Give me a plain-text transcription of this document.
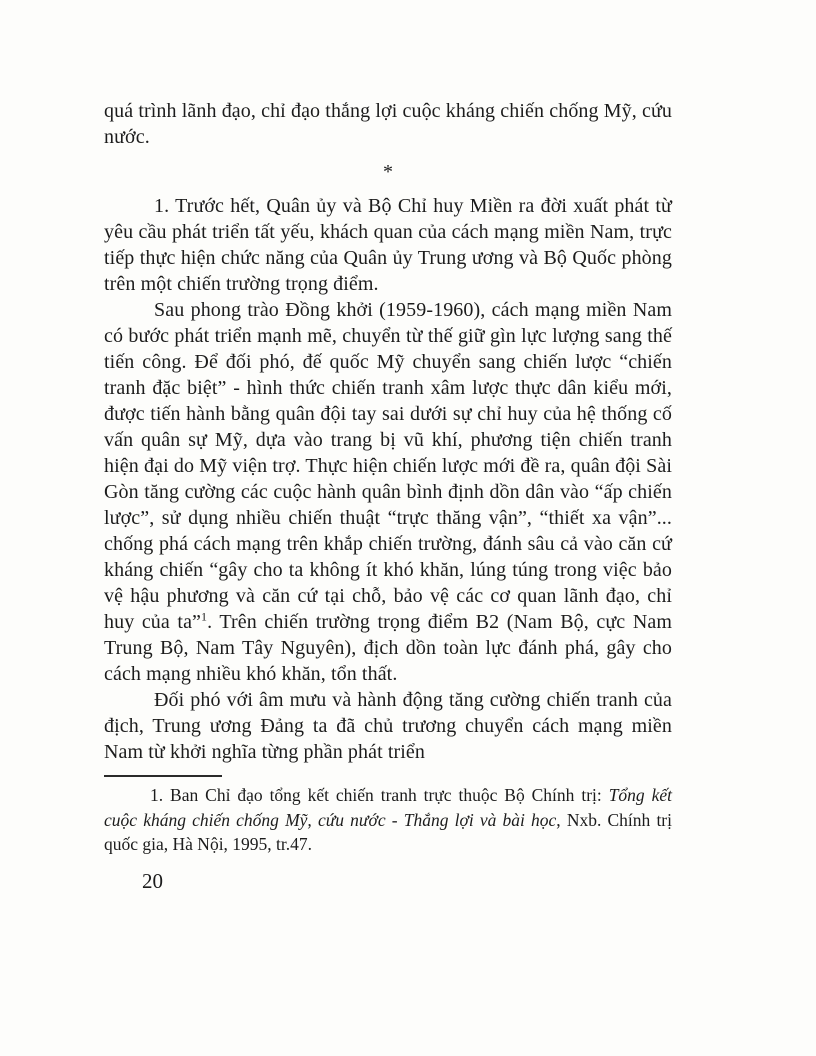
quá trình lãnh đạo, chỉ đạo thắng lợi cuộc kháng chiến chống Mỹ, cứu nước.

*

1. Trước hết, Quân ủy và Bộ Chỉ huy Miền ra đời xuất phát từ yêu cầu phát triển tất yếu, khách quan của cách mạng miền Nam, trực tiếp thực hiện chức năng của Quân ủy Trung ương và Bộ Quốc phòng trên một chiến trường trọng điểm.

Sau phong trào Đồng khởi (1959-1960), cách mạng miền Nam có bước phát triển mạnh mẽ, chuyển từ thế giữ gìn lực lượng sang thế tiến công. Để đối phó, đế quốc Mỹ chuyển sang chiến lược “chiến tranh đặc biệt” - hình thức chiến tranh xâm lược thực dân kiểu mới, được tiến hành bằng quân đội tay sai dưới sự chỉ huy của hệ thống cố vấn quân sự Mỹ, dựa vào trang bị vũ khí, phương tiện chiến tranh hiện đại do Mỹ viện trợ. Thực hiện chiến lược mới đề ra, quân đội Sài Gòn tăng cường các cuộc hành quân bình định dồn dân vào “ấp chiến lược”, sử dụng nhiều chiến thuật “trực thăng vận”, “thiết xa vận”... chống phá cách mạng trên khắp chiến trường, đánh sâu cả vào căn cứ kháng chiến “gây cho ta không ít khó khăn, lúng túng trong việc bảo vệ hậu phương và căn cứ tại chỗ, bảo vệ các cơ quan lãnh đạo, chỉ huy của ta”$^1$. Trên chiến trường trọng điểm B2 (Nam Bộ, cực Nam Trung Bộ, Nam Tây Nguyên), địch dồn toàn lực đánh phá, gây cho cách mạng nhiều khó khăn, tổn thất.

Đối phó với âm mưu và hành động tăng cường chiến tranh của địch, Trung ương Đảng ta đã chủ trương chuyển cách mạng miền Nam từ khởi nghĩa từng phần phát triển

1. Ban Chỉ đạo tổng kết chiến tranh trực thuộc Bộ Chính trị: Tổng kết cuộc kháng chiến chống Mỹ, cứu nước - Thắng lợi và bài học, Nxb. Chính trị quốc gia, Hà Nội, 1995, tr.47.

20
